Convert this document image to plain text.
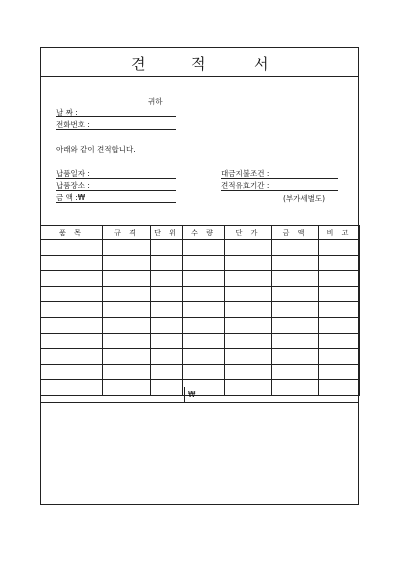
견	적	서
귀하
날 짜 :
전화번호 :
아래와 같이 견적합니다.
납품일자 :
납품장소 :
금 액 :₩
대금지불조건 :
견적유효기간 :
(부가세별도)
품 목	규 격	단 위	수 량	단 가	금 액	비 고

₩
